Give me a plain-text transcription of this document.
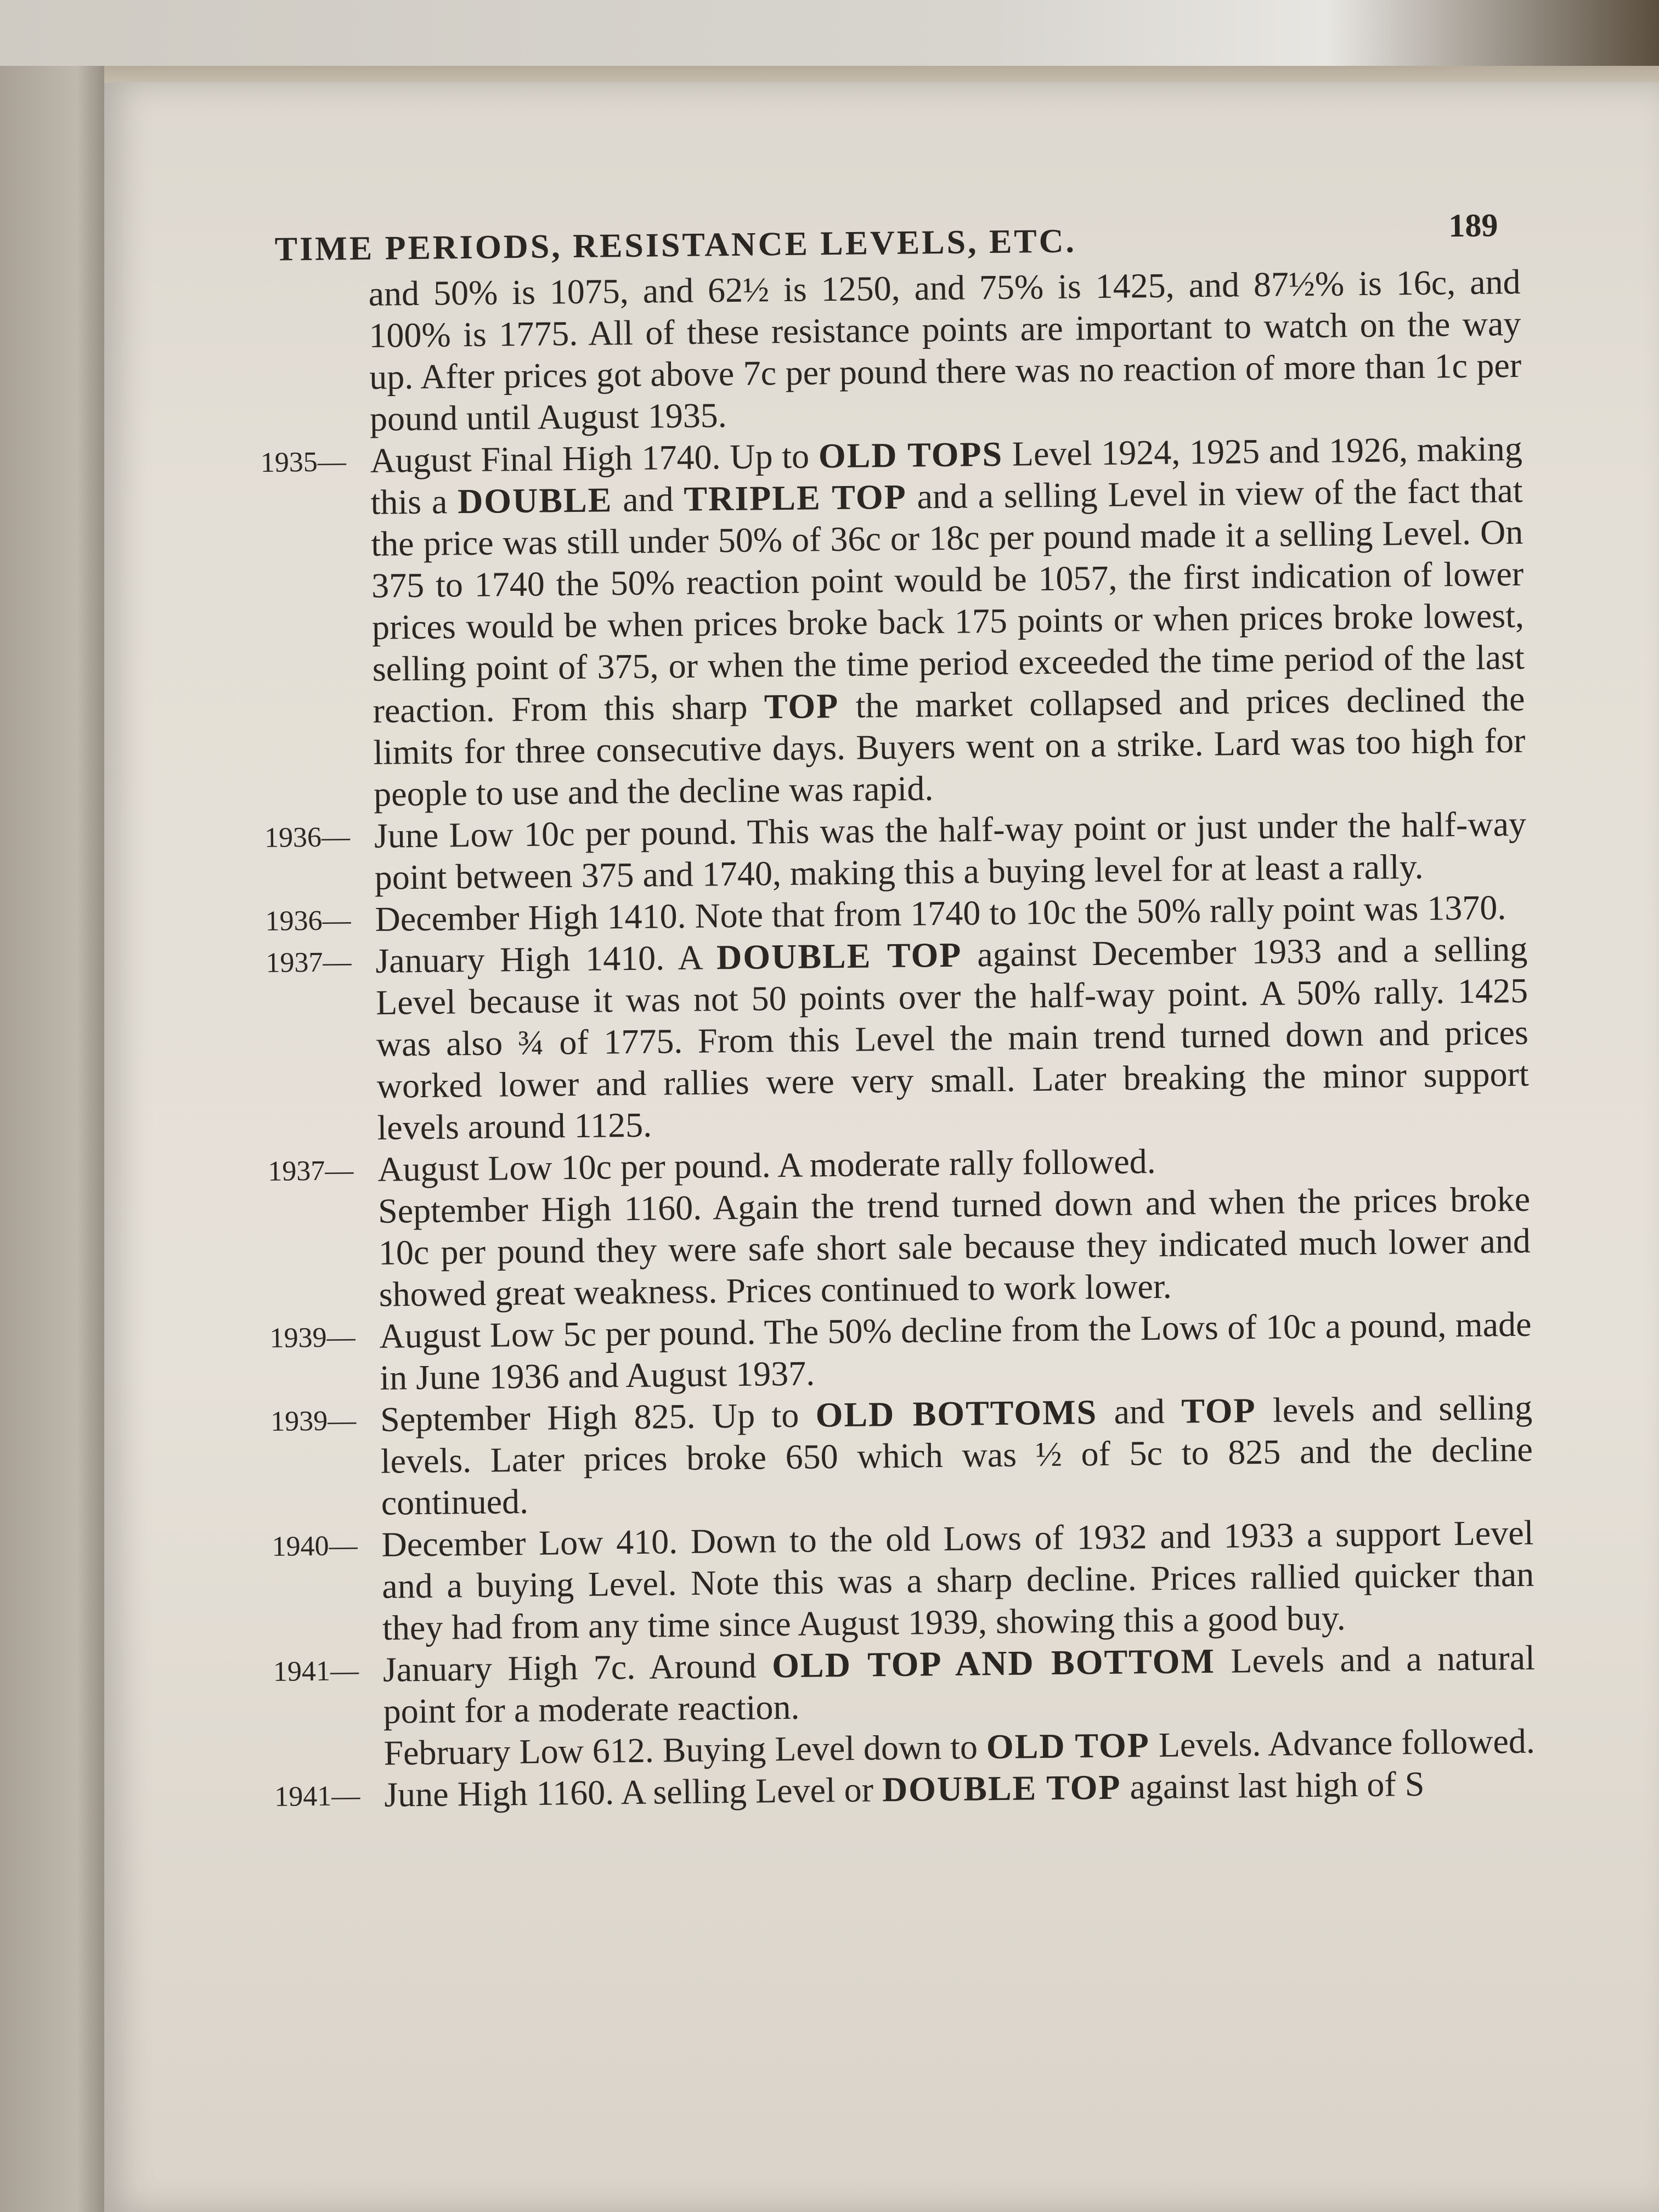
TIME PERIODS, RESISTANCE LEVELS, ETC.	189

and 50% is 1075, and 62½ is 1250, and 75% is 1425, and 87½% is 16c, and 100% is 1775. All of these resistance points are important to watch on the way up. After prices got above 7c per pound there was no reaction of more than 1c per pound until August 1935.

1935— August Final High 1740. Up to OLD TOPS Level 1924, 1925 and 1926, making this a DOUBLE and TRIPLE TOP and a selling Level in view of the fact that the price was still under 50% of 36c or 18c per pound made it a selling Level. On 375 to 1740 the 50% reaction point would be 1057, the first indication of lower prices would be when prices broke back 175 points or when prices broke lowest, selling point of 375, or when the time period exceeded the time period of the last reaction. From this sharp TOP the market collapsed and prices declined the limits for three consecutive days. Buyers went on a strike. Lard was too high for people to use and the decline was rapid.
1936— June Low 10c per pound. This was the half-way point or just under the half-way point between 375 and 1740, making this a buying level for at least a rally.
1936— December High 1410. Note that from 1740 to 10c the 50% rally point was 1370.
1937— January High 1410. A DOUBLE TOP against December 1933 and a selling Level because it was not 50 points over the half-way point. A 50% rally. 1425 was also ¾ of 1775. From this Level the main trend turned down and prices worked lower and rallies were very small. Later breaking the minor support levels around 1125.
1937— August Low 10c per pound. A moderate rally followed.
September High 1160. Again the trend turned down and when the prices broke 10c per pound they were safe short sale because they indicated much lower and showed great weakness. Prices continued to work lower.
1939— August Low 5c per pound. The 50% decline from the Lows of 10c a pound, made in June 1936 and August 1937.
1939— September High 825. Up to OLD BOTTOMS and TOP levels and selling levels. Later prices broke 650 which was ½ of 5c to 825 and the decline continued.
1940— December Low 410. Down to the old Lows of 1932 and 1933 a support Level and a buying Level. Note this was a sharp decline. Prices rallied quicker than they had from any time since August 1939, showing this a good buy.
1941— January High 7c. Around OLD TOP AND BOTTOM Levels and a natural point for a moderate reaction.
February Low 612. Buying Level down to OLD TOP Levels. Advance followed.
1941— June High 1160. A selling Level or DOUBLE TOP against last high of S
